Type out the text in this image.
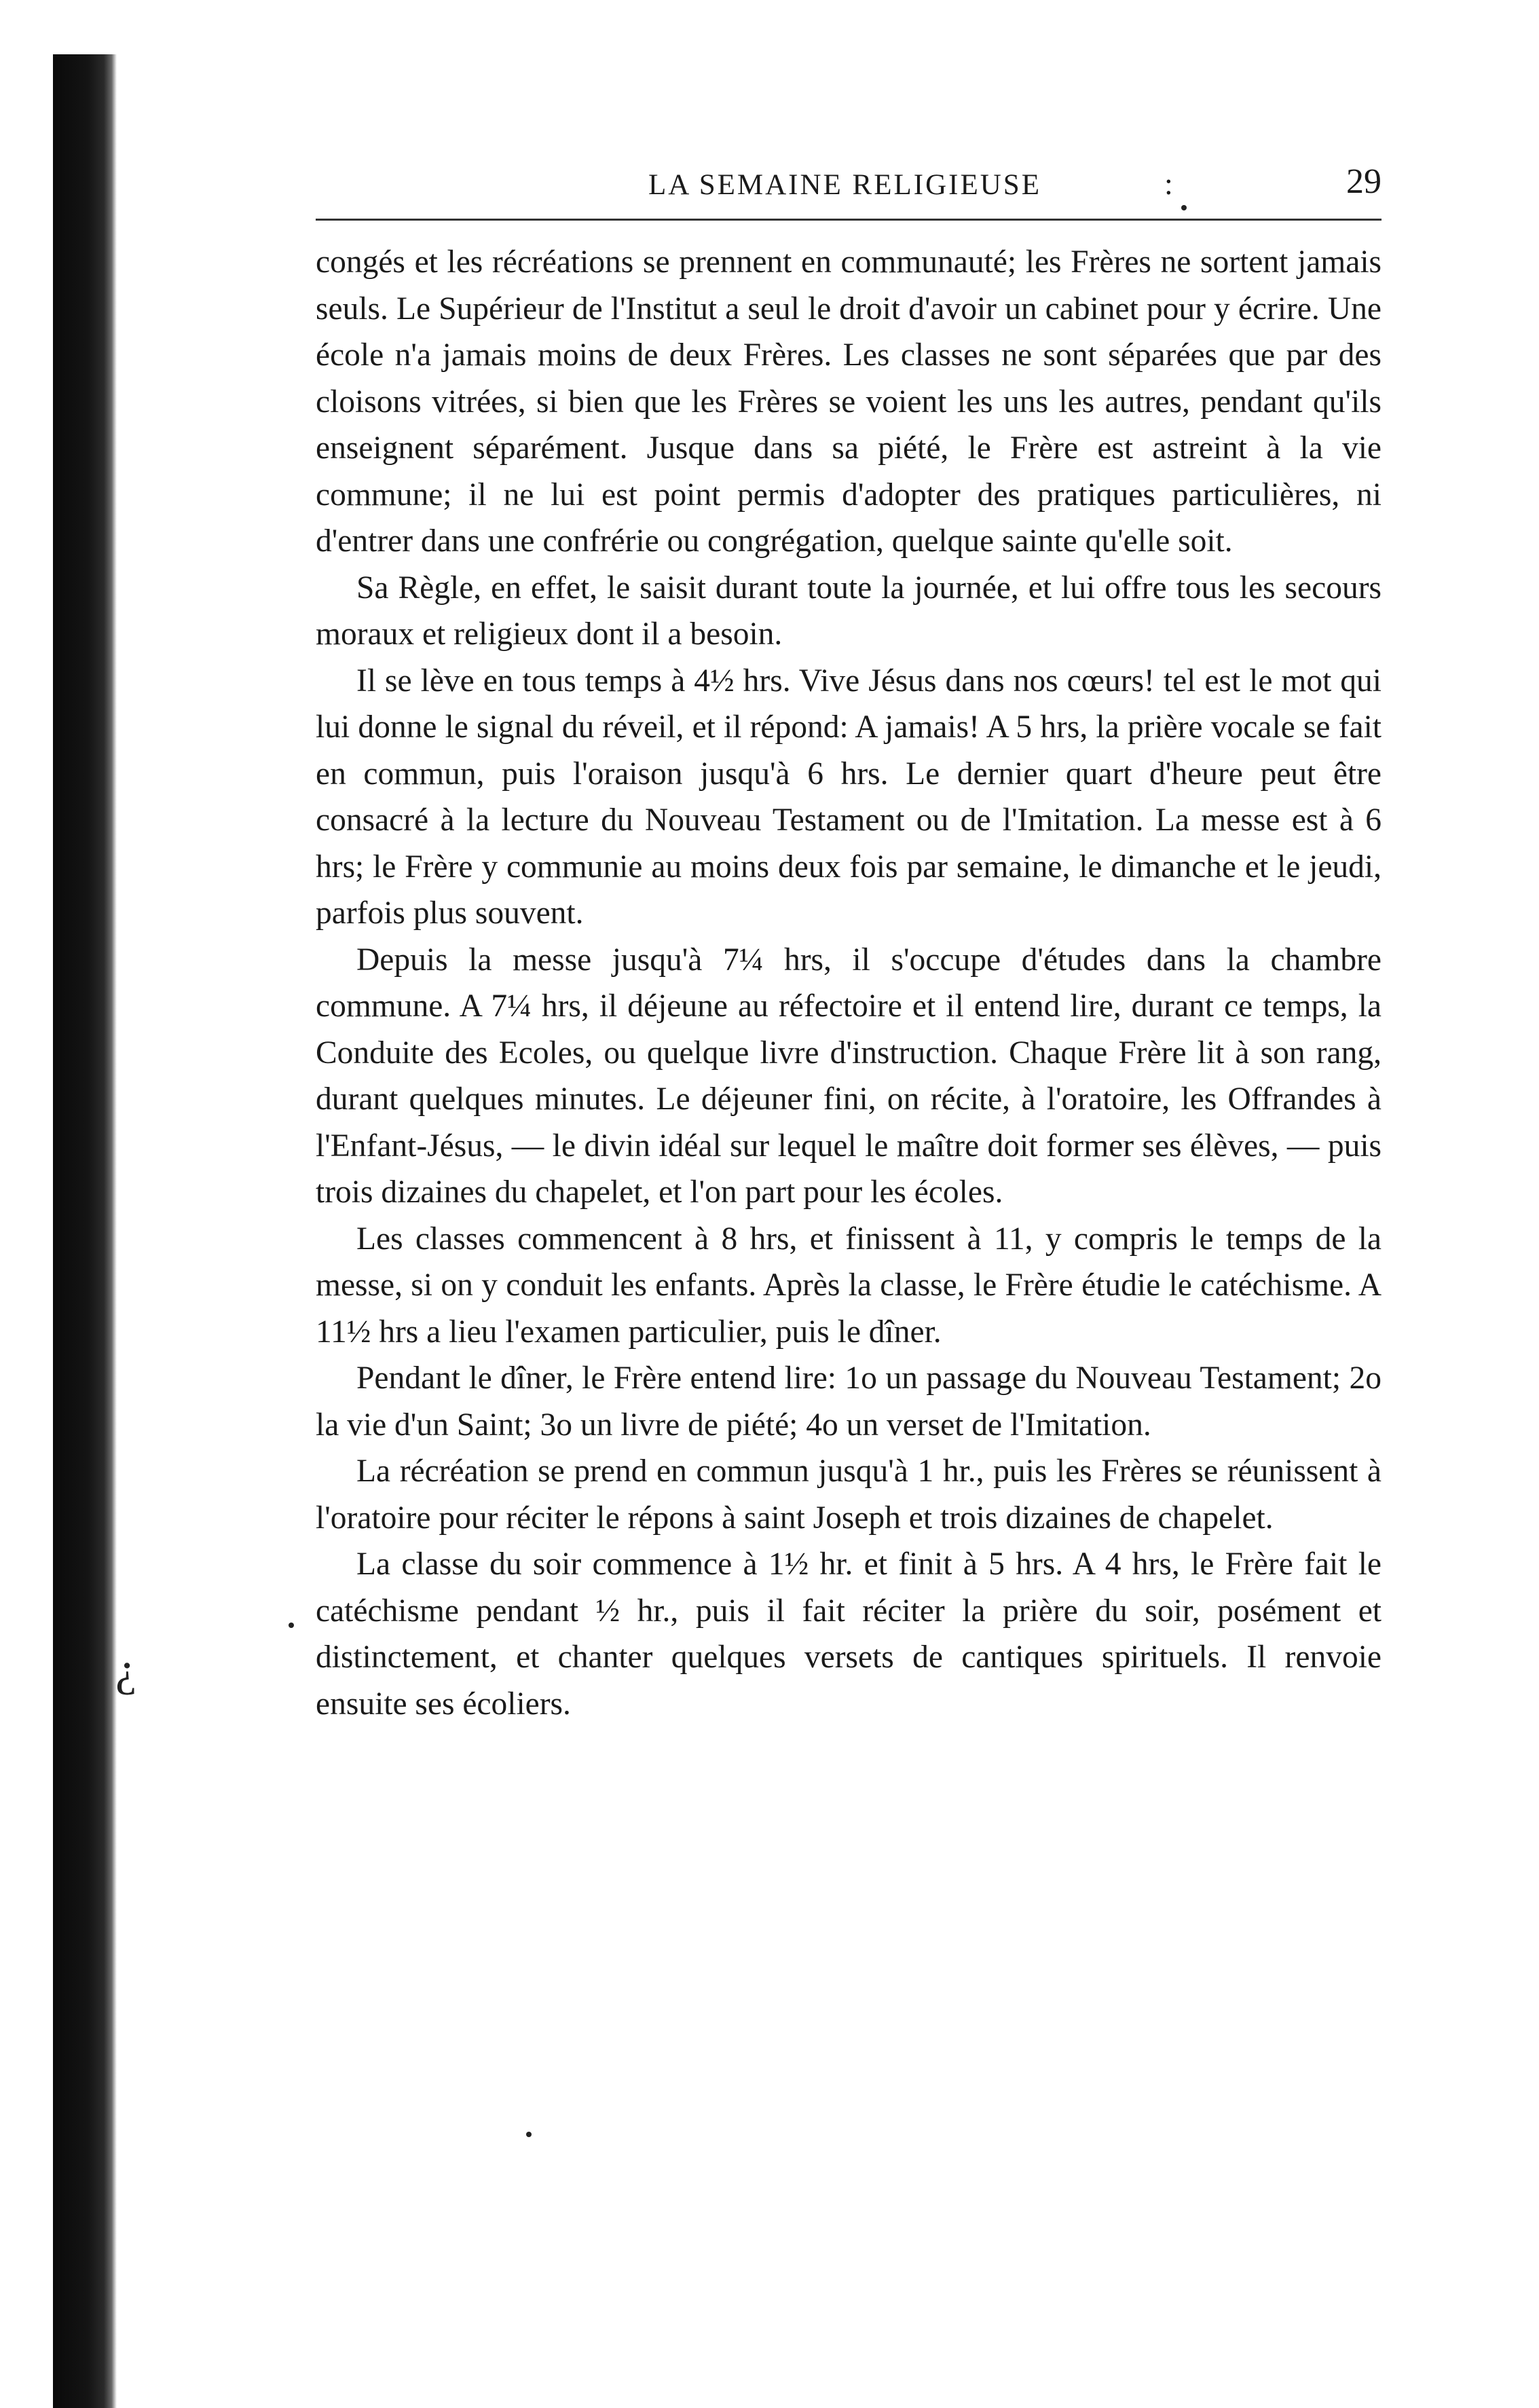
LA SEMAINE RELIGIEUSE	:	29

congés et les récréations se prennent en communauté; les Frères ne sortent jamais seuls. Le Supérieur de l'Institut a seul le droit d'avoir un cabinet pour y écrire. Une école n'a jamais moins de deux Frères. Les classes ne sont séparées que par des cloisons vitrées, si bien que les Frères se voient les uns les autres, pendant qu'ils enseignent séparément. Jusque dans sa piété, le Frère est astreint à la vie commune; il ne lui est point permis d'adopter des pratiques particulières, ni d'entrer dans une confrérie ou congrégation, quelque sainte qu'elle soit.

Sa Règle, en effet, le saisit durant toute la journée, et lui offre tous les secours moraux et religieux dont il a besoin.

Il se lève en tous temps à 4½ hrs. Vive Jésus dans nos cœurs! tel est le mot qui lui donne le signal du réveil, et il répond: A jamais! A 5 hrs, la prière vocale se fait en commun, puis l'oraison jusqu'à 6 hrs. Le dernier quart d'heure peut être consacré à la lecture du Nouveau Testament ou de l'Imitation. La messe est à 6 hrs; le Frère y communie au moins deux fois par semaine, le dimanche et le jeudi, parfois plus souvent.

Depuis la messe jusqu'à 7¼ hrs, il s'occupe d'études dans la chambre commune. A 7¼ hrs, il déjeune au réfectoire et il entend lire, durant ce temps, la Conduite des Ecoles, ou quelque livre d'instruction. Chaque Frère lit à son rang, durant quelques minutes. Le déjeuner fini, on récite, à l'oratoire, les Offrandes à l'Enfant-Jésus, — le divin idéal sur lequel le maître doit former ses élèves, — puis trois dizaines du chapelet, et l'on part pour les écoles.

Les classes commencent à 8 hrs, et finissent à 11, y compris le temps de la messe, si on y conduit les enfants. Après la classe, le Frère étudie le catéchisme. A 11½ hrs a lieu l'examen particulier, puis le dîner.

Pendant le dîner, le Frère entend lire: 1o un passage du Nouveau Testament; 2o la vie d'un Saint; 3o un livre de piété; 4o un verset de l'Imitation.

La récréation se prend en commun jusqu'à 1 hr., puis les Frères se réunissent à l'oratoire pour réciter le répons à saint Joseph et trois dizaines de chapelet.

La classe du soir commence à 1½ hr. et finit à 5 hrs. A 4 hrs, le Frère fait le catéchisme pendant ½ hr., puis il fait réciter la prière du soir, posément et distinctement, et chanter quelques versets de cantiques spirituels. Il renvoie ensuite ses écoliers.

¿
